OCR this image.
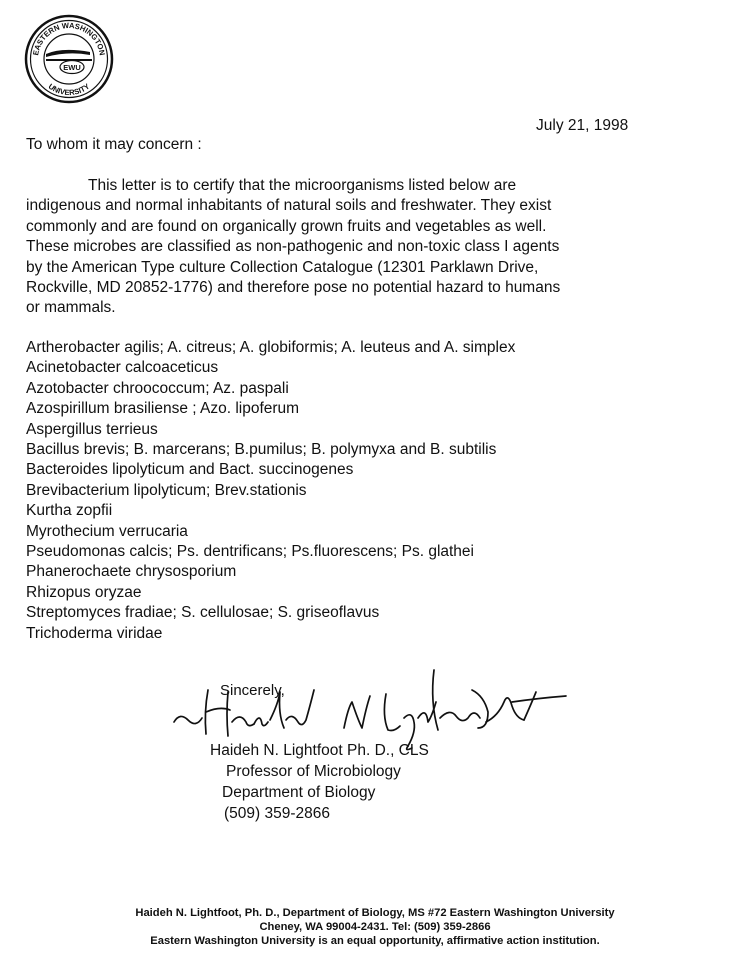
EASTERN WASHINGTON
UNIVERSITY
EWU
July 21, 1998
To whom it may concern :
This letter is to certify that the microorganisms listed below are
indigenous and normal inhabitants of natural soils and freshwater. They exist
commonly and are found on organically grown fruits and vegetables as well.
These microbes are classified as non-pathogenic and non-toxic class I agents
by the American Type culture Collection Catalogue (12301 Parklawn Drive,
Rockville, MD 20852-1776) and therefore pose no potential hazard to humans
or mammals.
Artherobacter agilis; A. citreus; A. globiformis; A. leuteus and A. simplex
Acinetobacter calcoaceticus
Azotobacter chroococcum; Az. paspali
Azospirillum brasiliense ; Azo. lipoferum
Aspergillus terrieus
Bacillus brevis; B. marcerans; B.pumilus; B. polymyxa and B. subtilis
Bacteroides lipolyticum and Bact. succinogenes
Brevibacterium lipolyticum; Brev.stationis
Kurtha zopfii
Myrothecium verrucaria
Pseudomonas calcis; Ps. dentrificans; Ps.fluorescens; Ps. glathei
Phanerochaete chrysosporium
Rhizopus oryzae
Streptomyces fradiae; S. cellulosae; S. griseoflavus
Trichoderma viridae
Sincerely,
Haideh N. Lightfoot Ph. D., CLS
Professor of Microbiology
Department of Biology
(509) 359-2866
Haideh N. Lightfoot, Ph. D., Department of Biology, MS #72 Eastern Washington University
Cheney, WA 99004-2431. Tel: (509) 359-2866
Eastern Washington University is an equal opportunity, affirmative action institution.
